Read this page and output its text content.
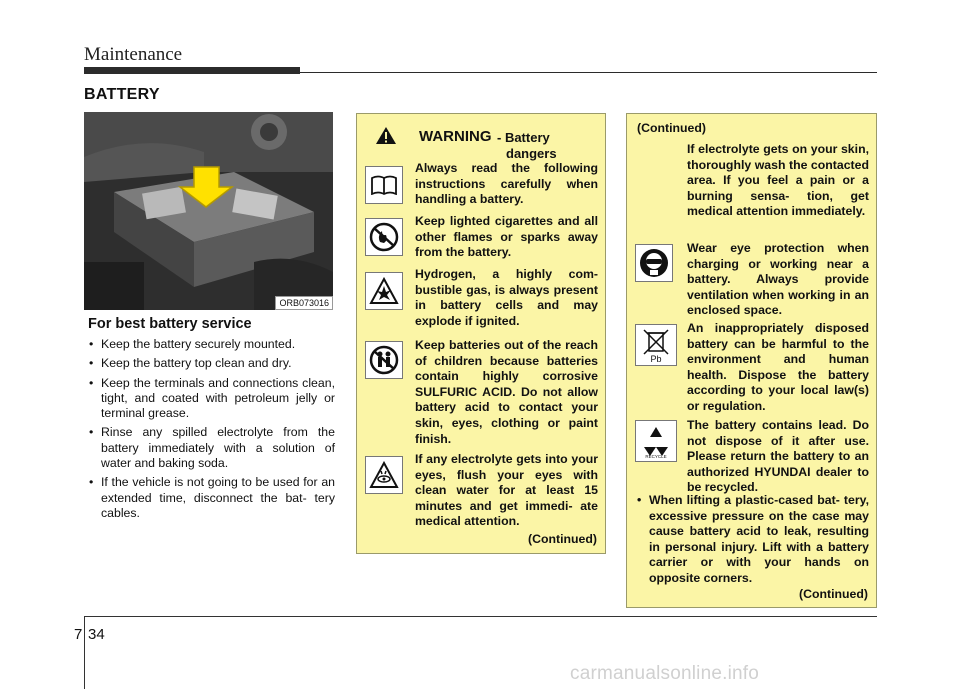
Maintenance
BATTERY
ORB073016
For best battery service
• Keep the battery securely mounted.
• Keep the battery top clean and dry.
• Keep the terminals and connections clean, tight, and coated with petroleum jelly or terminal grease.
• Rinse any spilled electrolyte from the battery immediately with a solution of water and baking soda.
• If the vehicle is not going to be used for an extended time, disconnect the bat- tery cables.
WARNING - Battery
dangers
Always read the following instructions carefully when handling a battery.
Keep lighted cigarettes and all other flames or sparks away from the battery.
Hydrogen, a highly com- bustible gas, is always present in battery cells and may explode if ignited.
Keep batteries out of the reach of children because batteries contain highly corrosive SULFURIC ACID. Do not allow battery acid to contact your skin, eyes, clothing or paint finish.
If any electrolyte gets into your eyes, flush your eyes with clean water for at least 15 minutes and get immedi- ate medical attention.
(Continued)
(Continued)
If electrolyte gets on your skin, thoroughly wash the contacted area. If you feel a pain or a burning sensa- tion, get medical attention immediately.
Wear eye protection when charging or working near a battery. Always provide ventilation when working in an enclosed space.
Pb
An inappropriately disposed battery can be harmful to the environment and human health. Dispose the battery according to your local law(s) or regulation.
RECYCLE
The battery contains lead. Do not dispose of it after use. Please return the battery to an authorized HYUNDAI dealer to be recycled.
• When lifting a plastic-cased bat- tery, excessive pressure on the case may cause battery acid to leak, resulting in personal injury. Lift with a battery carrier or with your hands on opposite corners.
(Continued)
7 34
carmanualsonline.info
